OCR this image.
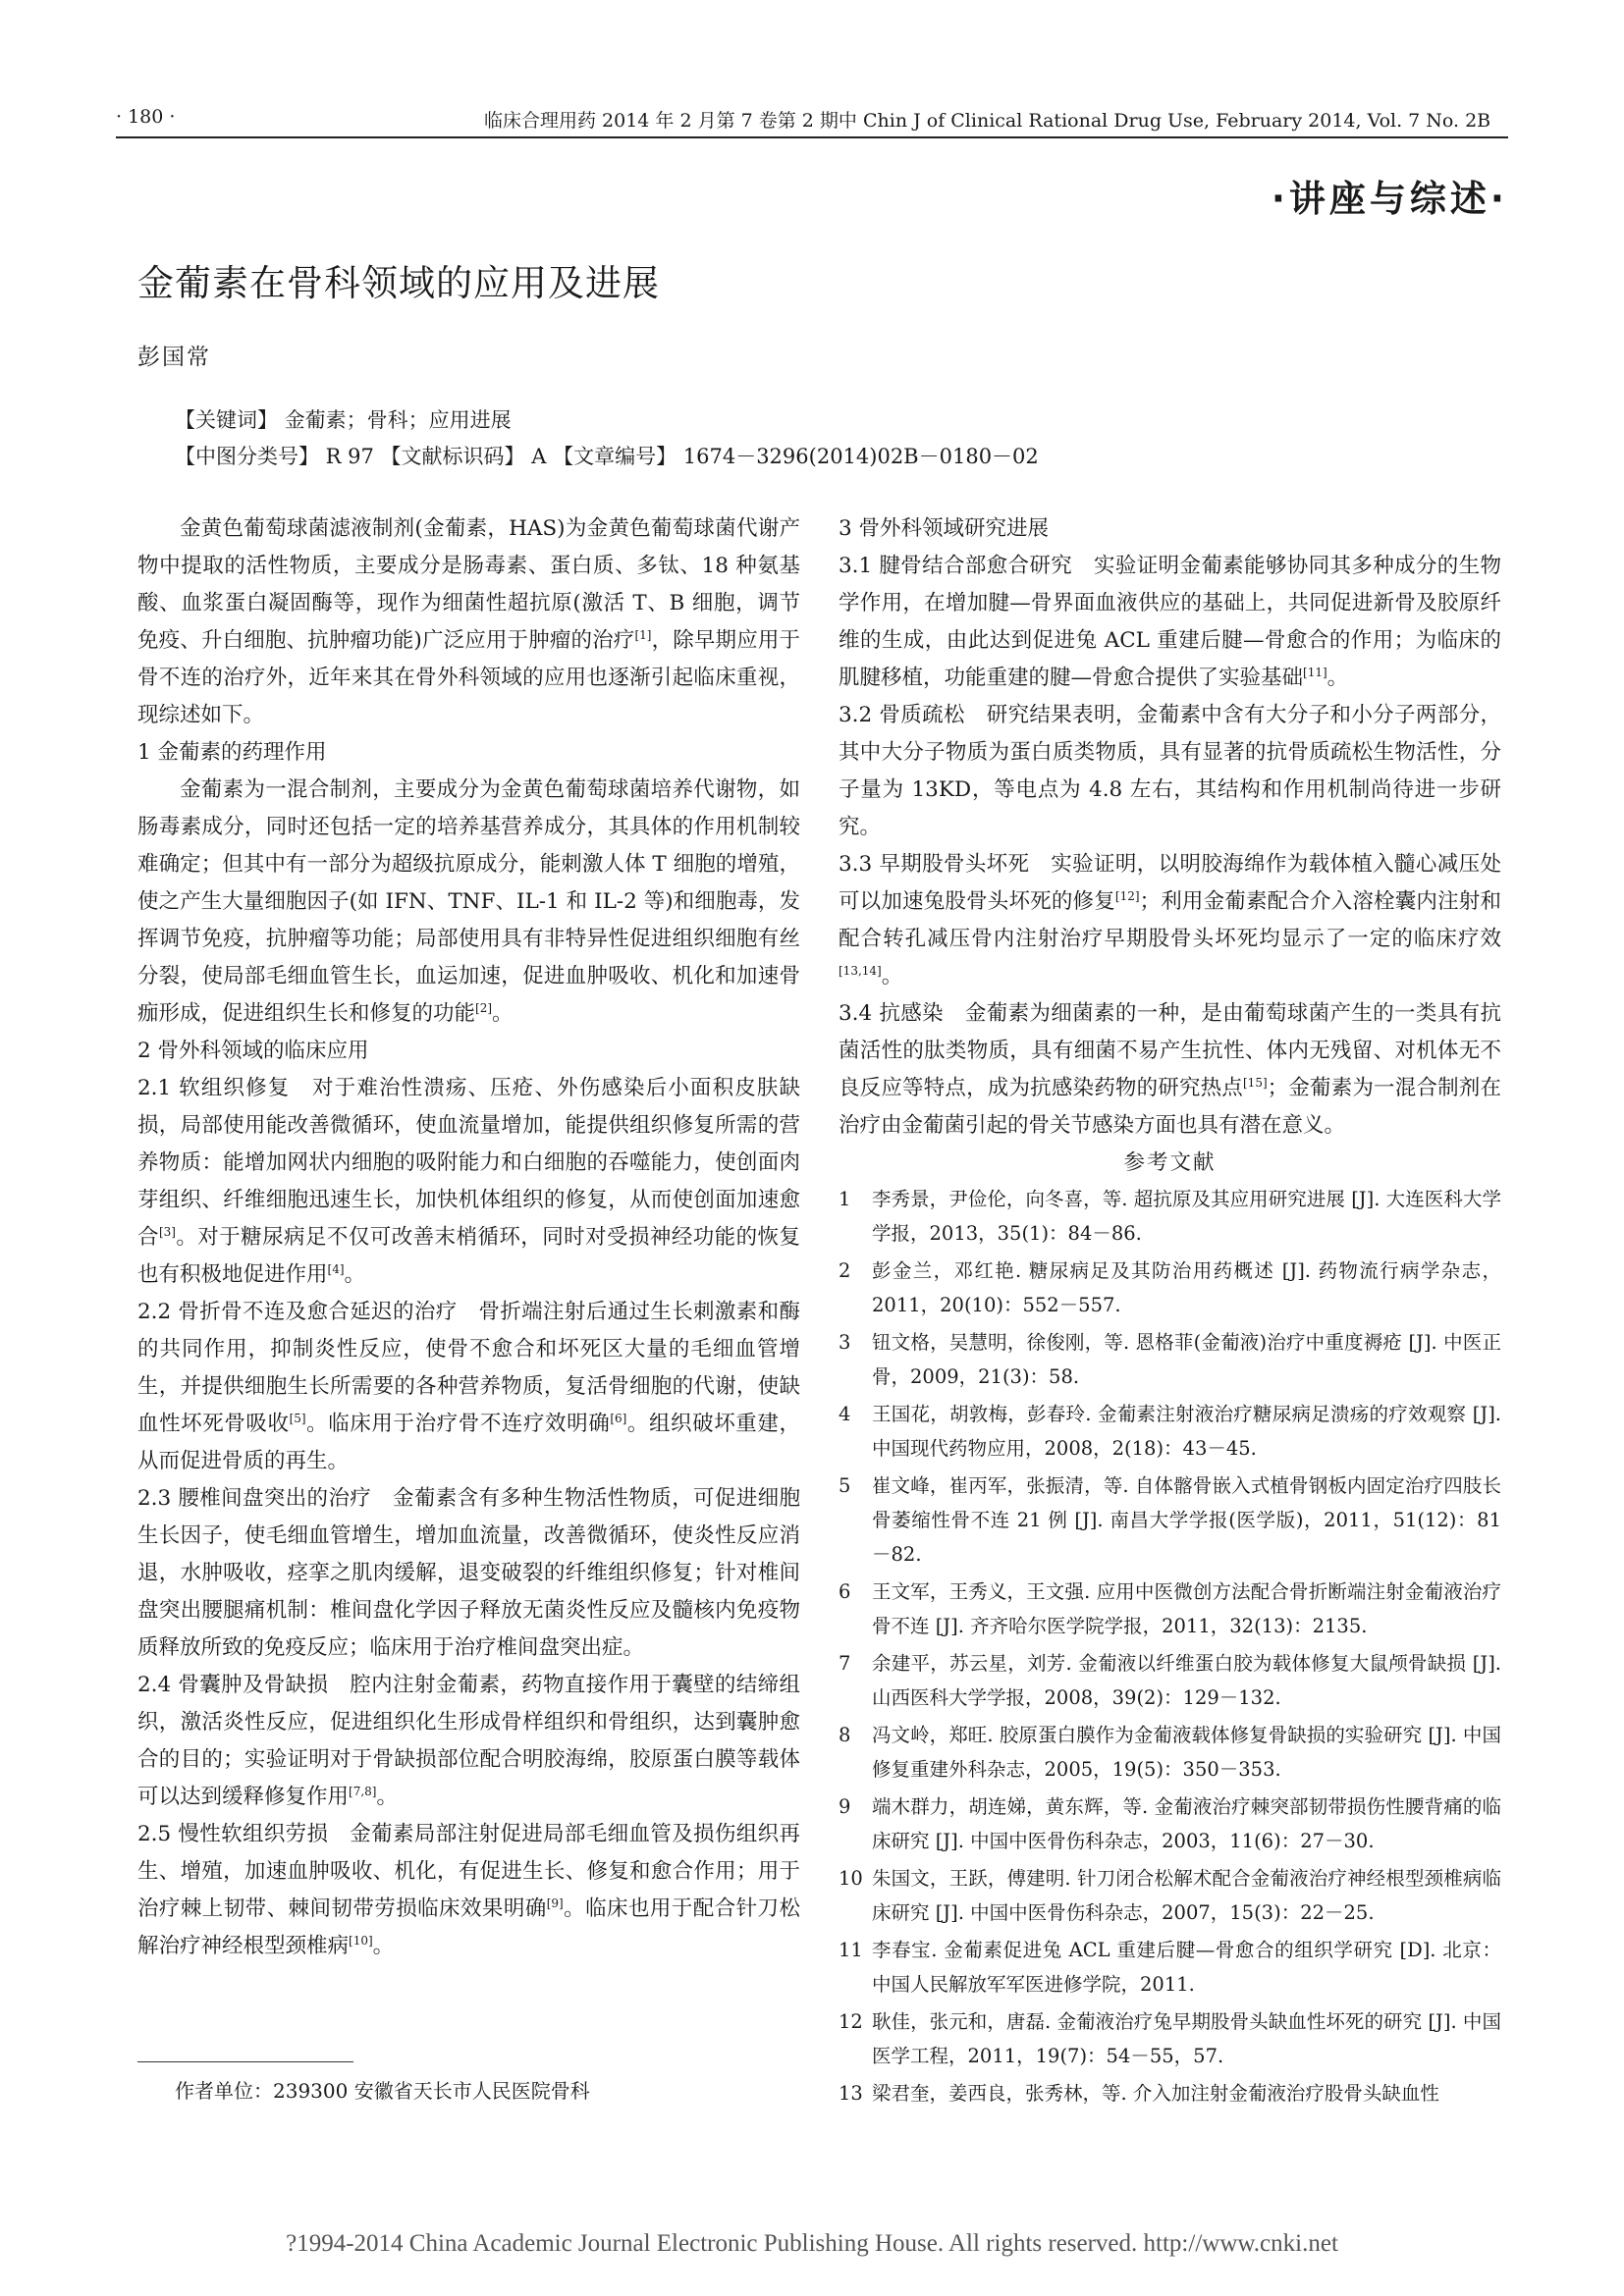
· 180 ·	临床合理用药 2014 年 2 月第 7 卷第 2 期中 Chin J of Clinical Rational Drug Use, February 2014, Vol. 7 No. 2B
·讲座与综述·
金葡素在骨科领域的应用及进展
彭国常
【关键词】 金葡素；骨科；应用进展
【中图分类号】 R 97 【文献标识码】 A 【文章编号】 1674－3296(2014)02B－0180－02

金黄色葡萄球菌滤液制剂(金葡素，HAS)为金黄色葡萄球菌代谢产物中提取的活性物质，主要成分是肠毒素、蛋白质、多钛、18 种氨基酸、血浆蛋白凝固酶等，现作为细菌性超抗原(激活 T、B 细胞，调节免疫、升白细胞、抗肿瘤功能)广泛应用于肿瘤的治疗[1]，除早期应用于骨不连的治疗外，近年来其在骨外科领域的应用也逐渐引起临床重视，现综述如下。

1 金葡素的药理作用

金葡素为一混合制剂，主要成分为金黄色葡萄球菌培养代谢物，如肠毒素成分，同时还包括一定的培养基营养成分，其具体的作用机制较难确定；但其中有一部分为超级抗原成分，能刺激人体 T 细胞的增殖，使之产生大量细胞因子(如 IFN、TNF、IL-1 和 IL-2 等)和细胞毒，发挥调节免疫，抗肿瘤等功能；局部使用具有非特异性促进组织细胞有丝分裂，使局部毛细血管生长，血运加速，促进血肿吸收、机化和加速骨痂形成，促进组织生长和修复的功能[2]。

2 骨外科领域的临床应用

2.1 软组织修复　 对于难治性溃疡、压疮、外伤感染后小面积皮肤缺损，局部使用能改善微循环，使血流量增加，能提供组织修复所需的营养物质：能增加网状内细胞的吸附能力和白细胞的吞噬能力，使创面肉芽组织、纤维细胞迅速生长，加快机体组织的修复，从而使创面加速愈合[3]。对于糖尿病足不仅可改善末梢循环，同时对受损神经功能的恢复也有积极地促进作用[4]。

2.2 骨折骨不连及愈合延迟的治疗　 骨折端注射后通过生长刺激素和酶的共同作用，抑制炎性反应，使骨不愈合和坏死区大量的毛细血管增生，并提供细胞生长所需要的各种营养物质，复活骨细胞的代谢，使缺血性坏死骨吸收[5]。临床用于治疗骨不连疗效明确[6]。组织破坏重建，从而促进骨质的再生。

2.3 腰椎间盘突出的治疗　 金葡素含有多种生物活性物质，可促进细胞生长因子，使毛细血管增生，增加血流量，改善微循环，使炎性反应消退，水肿吸收，痉挛之肌肉缓解，退变破裂的纤维组织修复；针对椎间盘突出腰腿痛机制：椎间盘化学因子释放无菌炎性反应及髓核内免疫物质释放所致的免疫反应；临床用于治疗椎间盘突出症。

2.4 骨囊肿及骨缺损　 腔内注射金葡素，药物直接作用于囊壁的结缔组织，激活炎性反应，促进组织化生形成骨样组织和骨组织，达到囊肿愈合的目的；实验证明对于骨缺损部位配合明胶海绵，胶原蛋白膜等载体可以达到缓释修复作用[7,8]。

2.5 慢性软组织劳损　 金葡素局部注射促进局部毛细血管及损伤组织再生、增殖，加速血肿吸收、机化，有促进生长、修复和愈合作用；用于治疗棘上韧带、棘间韧带劳损临床效果明确[9]。临床也用于配合针刀松解治疗神经根型颈椎病[10]。

3 骨外科领域研究进展

3.1 腱骨结合部愈合研究　 实验证明金葡素能够协同其多种成分的生物学作用，在增加腱—骨界面血液供应的基础上，共同促进新骨及胶原纤维的生成，由此达到促进兔 ACL 重建后腱—骨愈合的作用；为临床的肌腱移植，功能重建的腱—骨愈合提供了实验基础[11]。

3.2 骨质疏松　 研究结果表明，金葡素中含有大分子和小分子两部分，其中大分子物质为蛋白质类物质，具有显著的抗骨质疏松生物活性，分子量为 13KD，等电点为 4.8 左右，其结构和作用机制尚待进一步研究。

3.3 早期股骨头坏死　 实验证明，以明胶海绵作为载体植入髓心减压处可以加速兔股骨头坏死的修复[12]；利用金葡素配合介入溶栓囊内注射和配合转孔减压骨内注射治疗早期股骨头坏死均显示了一定的临床疗效[13,14]。

3.4 抗感染　 金葡素为细菌素的一种，是由葡萄球菌产生的一类具有抗菌活性的肽类物质，具有细菌不易产生抗性、体内无残留、对机体无不良反应等特点，成为抗感染药物的研究热点[15]；金葡素为一混合制剂在治疗由金葡菌引起的骨关节感染方面也具有潜在意义。

参考文献

1	李秀景，尹俭伦，向冬喜，等. 超抗原及其应用研究进展 [J]. 大连医科大学学报，2013，35(1)：84－86.
2	彭金兰，邓红艳. 糖尿病足及其防治用药概述 [J]. 药物流行病学杂志，2011，20(10)：552－557.
3	钮文格，吴慧明，徐俊刚，等. 恩格菲(金葡液)治疗中重度褥疮 [J]. 中医正骨，2009，21(3)：58.
4	王国花，胡敦梅，彭春玲. 金葡素注射液治疗糖尿病足溃疡的疗效观察 [J]. 中国现代药物应用，2008，2(18)：43－45.
5	崔文峰，崔丙军，张振清，等. 自体髂骨嵌入式植骨钢板内固定治疗四肢长骨萎缩性骨不连 21 例 [J]. 南昌大学学报(医学版)，2011，51(12)：81－82.
6	王文军，王秀义，王文强. 应用中医微创方法配合骨折断端注射金葡液治疗骨不连 [J]. 齐齐哈尔医学院学报，2011，32(13)：2135.
7	余建平，苏云星，刘芳. 金葡液以纤维蛋白胶为载体修复大鼠颅骨缺损 [J]. 山西医科大学学报，2008，39(2)：129－132.
8	冯文岭，郑旺. 胶原蛋白膜作为金葡液载体修复骨缺损的实验研究 [J]. 中国修复重建外科杂志，2005，19(5)：350－353.
9	端木群力，胡连娣，黄东辉，等. 金葡液治疗棘突部韧带损伤性腰背痛的临床研究 [J]. 中国中医骨伤科杂志，2003，11(6)：27－30.
10 朱国文，王跃，傅建明. 针刀闭合松解术配合金葡液治疗神经根型颈椎病临床研究 [J]. 中国中医骨伤科杂志，2007，15(3)：22－25.
11 李春宝. 金葡素促进兔 ACL 重建后腱—骨愈合的组织学研究 [D]. 北京：中国人民解放军军医进修学院，2011.
12 耿佳，张元和，唐磊. 金葡液治疗兔早期股骨头缺血性坏死的研究 [J]. 中国医学工程，2011，19(7)：54－55，57.
13 梁君奎，姜西良，张秀林，等. 介入加注射金葡液治疗股骨头缺血性
作者单位：239300 安徽省天长市人民医院骨科
?1994-2014 China Academic Journal Electronic Publishing House. All rights reserved. http://www.cnki.net
